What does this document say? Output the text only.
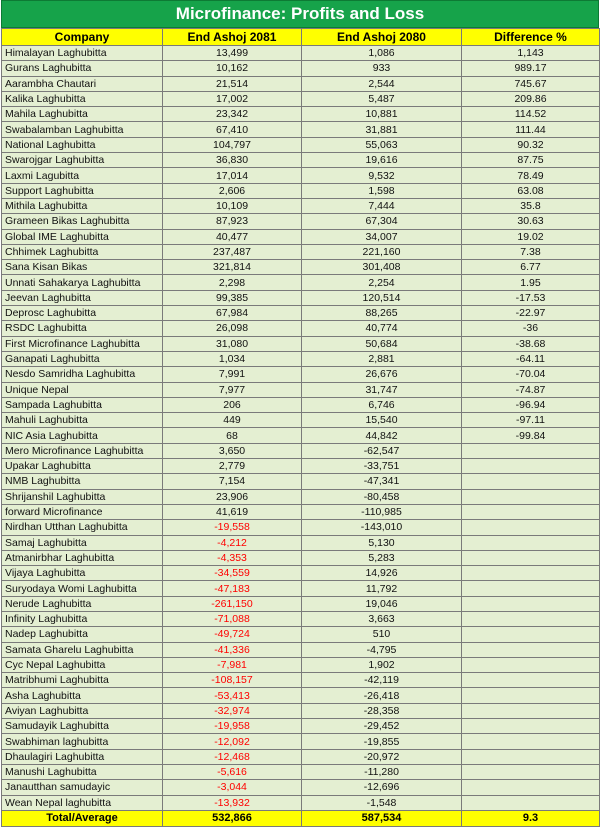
Microfinance: Profits and Loss
Company	End Ashoj 2081	End Ashoj 2080	Difference %
Himalayan Laghubitta	13,499	1,086	1,143
Gurans Laghubitta	10,162	933	989.17
Aarambha Chautari	21,514	2,544	745.67
Kalika Laghubitta	17,002	5,487	209.86
Mahila Laghubitta	23,342	10,881	114.52
Swabalamban Laghubitta	67,410	31,881	111.44
National Laghubitta	104,797	55,063	90.32
Swarojgar Laghubitta	36,830	19,616	87.75
Laxmi Lagubitta	17,014	9,532	78.49
Support Laghubitta	2,606	1,598	63.08
Mithila Laghubitta	10,109	7,444	35.8
Grameen Bikas Laghubitta	87,923	67,304	30.63
Global IME Laghubitta	40,477	34,007	19.02
Chhimek Laghubitta	237,487	221,160	7.38
Sana Kisan Bikas	321,814	301,408	6.77
Unnati Sahakarya Laghubitta	2,298	2,254	1.95
Jeevan Laghubitta	99,385	120,514	-17.53
Deprosc Laghubitta	67,984	88,265	-22.97
RSDC Laghubitta	26,098	40,774	-36
First Microfinance Laghubitta	31,080	50,684	-38.68
Ganapati Laghubitta	1,034	2,881	-64.11
Nesdo Samridha Laghubitta	7,991	26,676	-70.04
Unique Nepal	7,977	31,747	-74.87
Sampada Laghubitta	206	6,746	-96.94
Mahuli Laghubitta	449	15,540	-97.11
NIC Asia Laghubitta	68	44,842	-99.84
Mero Microfinance Laghubitta	3,650	-62,547	
Upakar Laghubitta	2,779	-33,751	
NMB Laghubitta	7,154	-47,341	
Shrijanshil Laghubitta	23,906	-80,458	
forward Microfinance	41,619	-110,985	
Nirdhan Utthan Laghubitta	-19,558	-143,010	
Samaj Laghubitta	-4,212	5,130	
Atmanirbhar Laghubitta	-4,353	5,283	
Vijaya Laghubitta	-34,559	14,926	
Suryodaya Womi Laghubitta	-47,183	11,792	
Nerude Laghubitta	-261,150	19,046	
Infinity Laghubitta	-71,088	3,663	
Nadep Laghubitta	-49,724	510	
Samata Gharelu Laghubitta	-41,336	-4,795	
Cyc Nepal Laghubitta	-7,981	1,902	
Matribhumi Laghubitta	-108,157	-42,119	
Asha Laghubitta	-53,413	-26,418	
Aviyan Laghubitta	-32,974	-28,358	
Samudayik Laghubitta	-19,958	-29,452	
Swabhiman laghubitta	-12,092	-19,855	
Dhaulagiri Laghubitta	-12,468	-20,972	
Manushi Laghubitta	-5,616	-11,280	
Janautthan samudayic	-3,044	-12,696	
Wean Nepal laghubitta	-13,932	-1,548	
Total/Average	532,866	587,534	9.3
